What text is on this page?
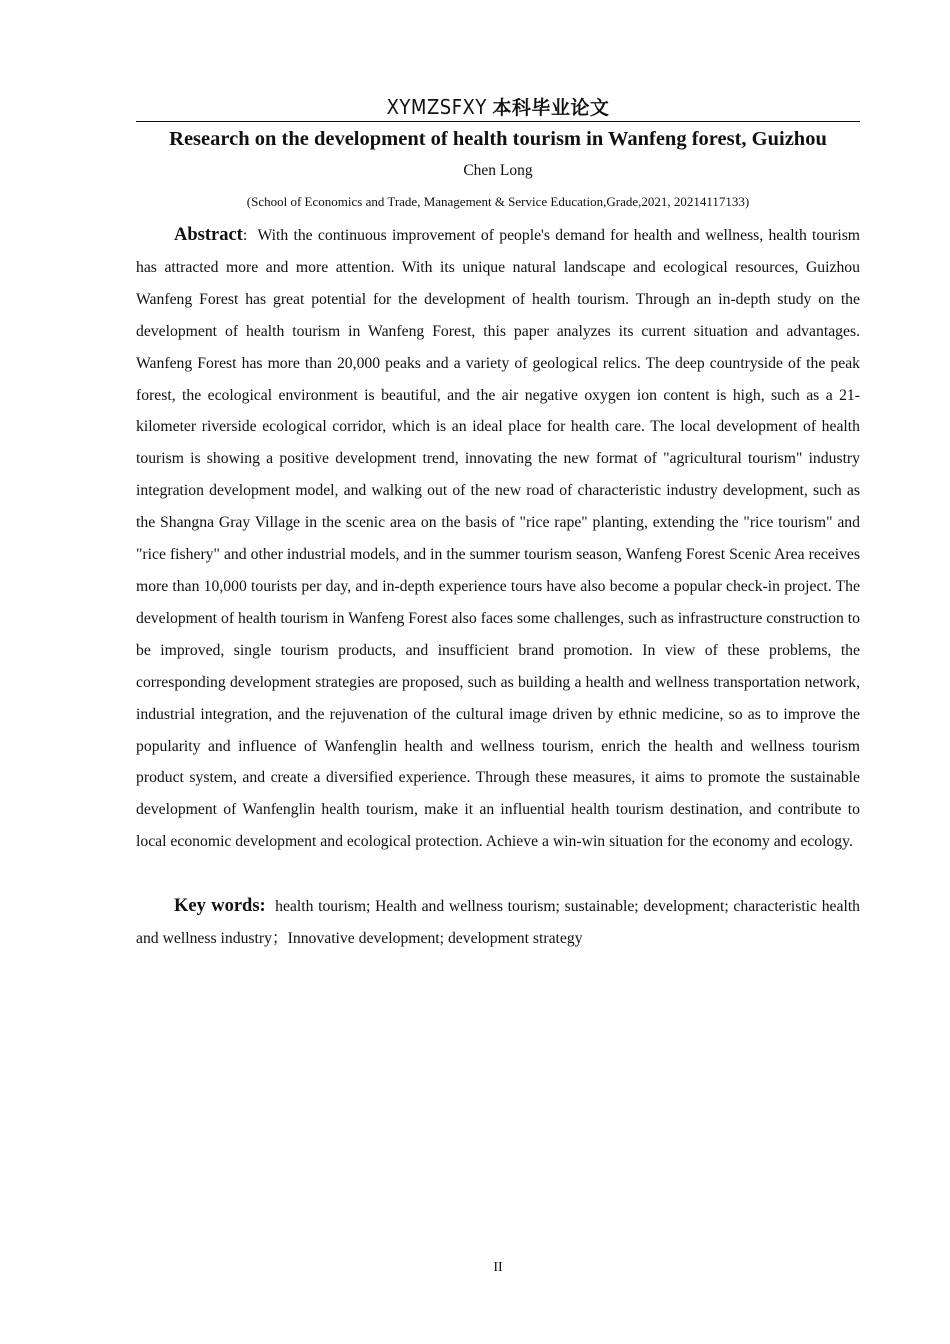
XYMZSFXY 本科毕业论文
Research on the development of health tourism in Wanfeng forest, Guizhou
Chen Long
(School of Economics and Trade, Management & Service Education,Grade,2021, 20214117133)

Abstract: With the continuous improvement of people's demand for health and wellness, health tourism has attracted more and more attention. With its unique natural landscape and ecological resources, Guizhou Wanfeng Forest has great potential for the development of health tourism. Through an in-depth study on the development of health tourism in Wanfeng Forest, this paper analyzes its current situation and advantages. Wanfeng Forest has more than 20,000 peaks and a variety of geological relics. The deep countryside of the peak forest, the ecological environment is beautiful, and the air negative oxygen ion content is high, such as a 21-kilometer riverside ecological corridor, which is an ideal place for health care. The local development of health tourism is showing a positive development trend, innovating the new format of "agricultural tourism" industry integration development model, and walking out of the new road of characteristic industry development, such as the Shangna Gray Village in the scenic area on the basis of "rice rape" planting, extending the "rice tourism" and "rice fishery" and other industrial models, and in the summer tourism season, Wanfeng Forest Scenic Area receives more than 10,000 tourists per day, and in-depth experience tours have also become a popular check-in project. The development of health tourism in Wanfeng Forest also faces some challenges, such as infrastructure construction to be improved, single tourism products, and insufficient brand promotion. In view of these problems, the corresponding development strategies are proposed, such as building a health and wellness transportation network, industrial integration, and the rejuvenation of the cultural image driven by ethnic medicine, so as to improve the popularity and influence of Wanfenglin health and wellness tourism, enrich the health and wellness tourism product system, and create a diversified experience. Through these measures, it aims to promote the sustainable development of Wanfenglin health tourism, make it an influential health tourism destination, and contribute to local economic development and ecological protection. Achieve a win-win situation for the economy and ecology.

Key words: health tourism; Health and wellness tourism; sustainable; development; characteristic health and wellness industry；Innovative development; development strategy

II
